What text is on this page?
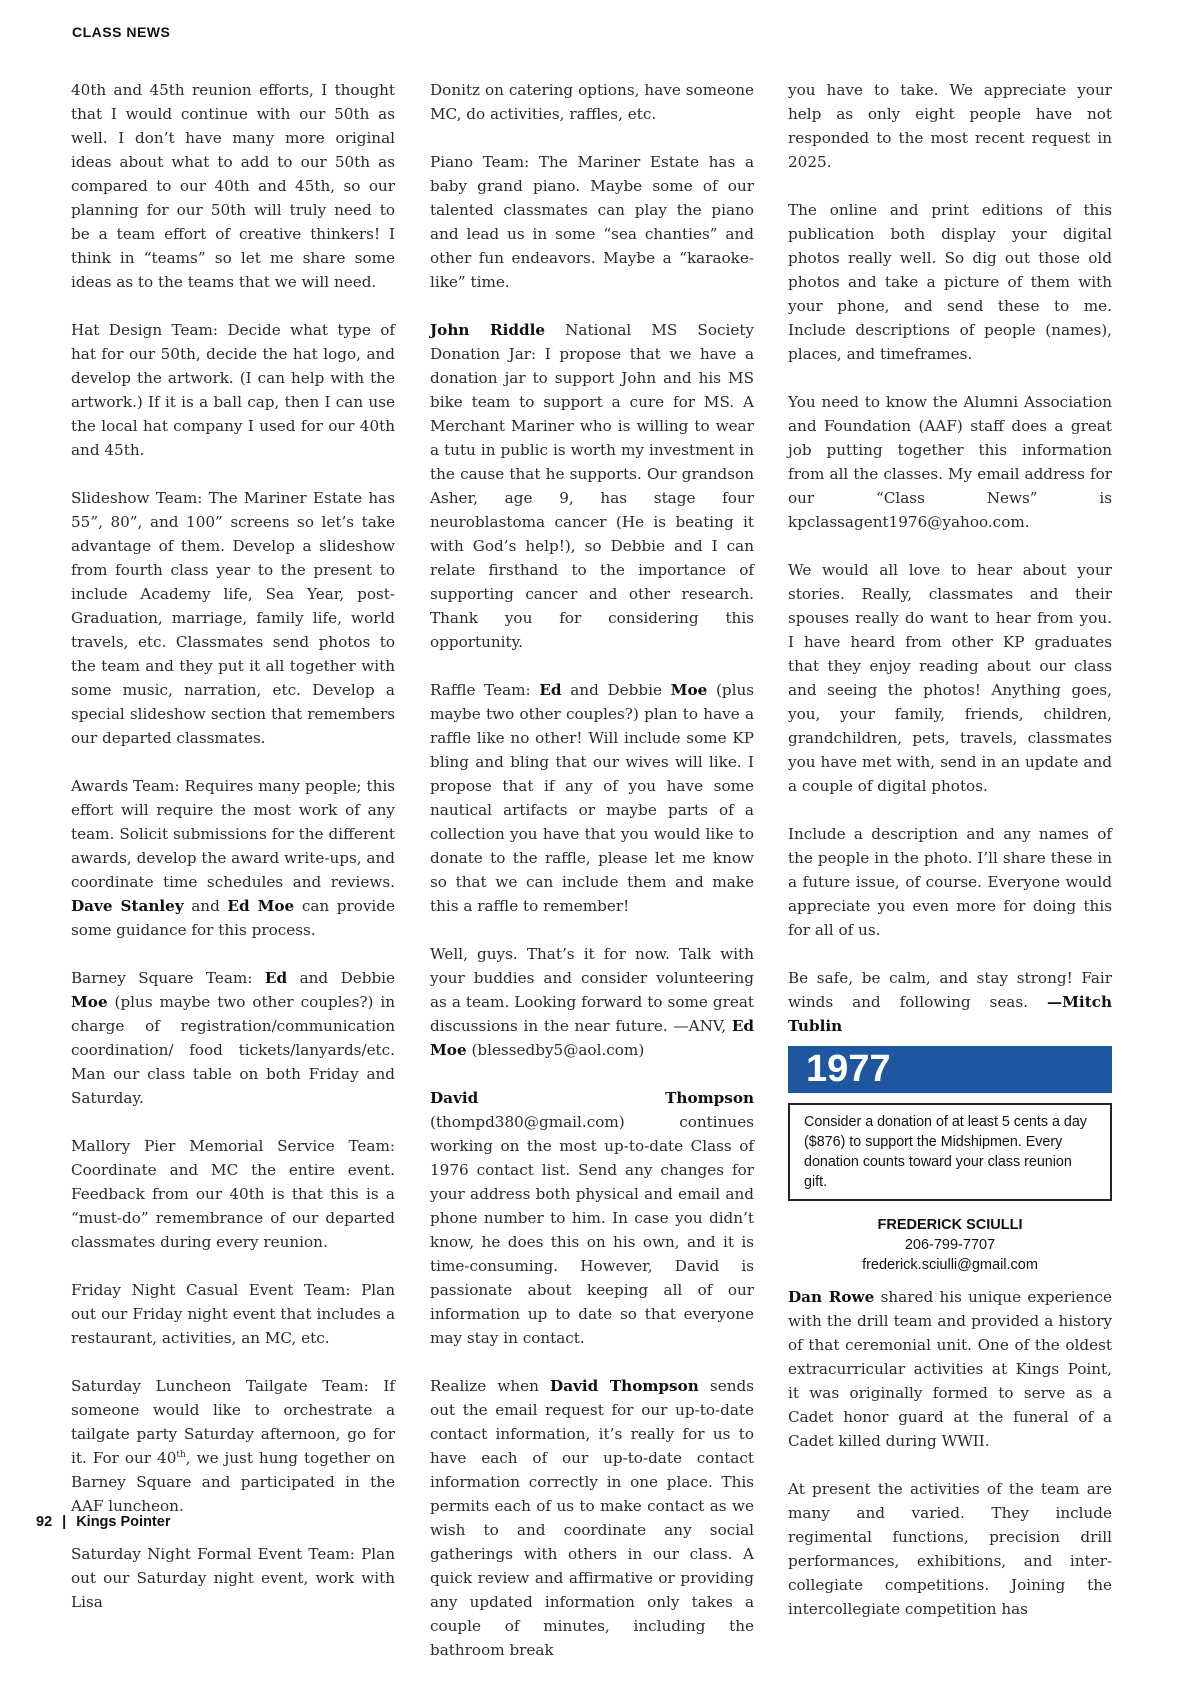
CLASS NEWS

40th and 45th reunion efforts, I thought that I would continue with our 50th as well. I don’t have many more original ideas about what to add to our 50th as compared to our 40th and 45th, so our planning for our 50th will truly need to be a team effort of creative thinkers! I think in “teams” so let me share some ideas as to the teams that we will need.

Hat Design Team: Decide what type of hat for our 50th, decide the hat logo, and develop the artwork. (I can help with the artwork.) If it is a ball cap, then I can use the local hat company I used for our 40th and 45th.

Slideshow Team: The Mariner Estate has 55”, 80”, and 100” screens so let’s take advantage of them. Develop a slideshow from fourth class year to the present to include Academy life, Sea Year, post-Graduation, marriage, family life, world travels, etc. Classmates send photos to the team and they put it all together with some music, narration, etc. Develop a special slideshow section that remembers our departed classmates.

Awards Team: Requires many people; this effort will require the most work of any team. Solicit submissions for the different awards, develop the award write-ups, and coordinate time schedules and reviews. Dave Stanley and Ed Moe can provide some guidance for this process.

Barney Square Team: Ed and Debbie Moe (plus maybe two other couples?) in charge of registration/communication coordination/ food tickets/lanyards/etc. Man our class table on both Friday and Saturday.

Mallory Pier Memorial Service Team: Coordinate and MC the entire event. Feedback from our 40th is that this is a “must-do” remembrance of our departed classmates during every reunion.

Friday Night Casual Event Team: Plan out our Friday night event that includes a restaurant, activities, an MC, etc.

Saturday Luncheon Tailgate Team: If someone would like to orchestrate a tailgate party Saturday afternoon, go for it. For our 40th, we just hung together on Barney Square and participated in the AAF luncheon.

Saturday Night Formal Event Team: Plan out our Saturday night event, work with Lisa

Donitz on catering options, have someone MC, do activities, raffles, etc.

Piano Team: The Mariner Estate has a baby grand piano. Maybe some of our talented classmates can play the piano and lead us in some “sea chanties” and other fun endeavors. Maybe a “karaoke-like” time.

John Riddle National MS Society Donation Jar: I propose that we have a donation jar to support John and his MS bike team to support a cure for MS. A Merchant Mariner who is willing to wear a tutu in public is worth my investment in the cause that he supports. Our grandson Asher, age 9, has stage four neuroblastoma cancer (He is beating it with God’s help!), so Debbie and I can relate firsthand to the importance of supporting cancer and other research. Thank you for considering this opportunity.

Raffle Team: Ed and Debbie Moe (plus maybe two other couples?) plan to have a raffle like no other! Will include some KP bling and bling that our wives will like. I propose that if any of you have some nautical artifacts or maybe parts of a collection you have that you would like to donate to the raffle, please let me know so that we can include them and make this a raffle to remember!

Well, guys. That’s it for now. Talk with your buddies and consider volunteering as a team. Looking forward to some great discussions in the near future. —ANV, Ed Moe (blessedby5@aol.com)

David Thompson (thompd380@gmail.com) continues working on the most up-to-date Class of 1976 contact list. Send any changes for your address both physical and email and phone number to him. In case you didn’t know, he does this on his own, and it is time-consuming. However, David is passionate about keeping all of our information up to date so that everyone may stay in contact.

Realize when David Thompson sends out the email request for our up-to-date contact information, it’s really for us to have each of our up-to-date contact information correctly in one place. This permits each of us to make contact as we wish to and coordinate any social gatherings with others in our class. A quick review and affirmative or providing any updated information only takes a couple of minutes, including the bathroom break

you have to take. We appreciate your help as only eight people have not responded to the most recent request in 2025.

The online and print editions of this publication both display your digital photos really well. So dig out those old photos and take a picture of them with your phone, and send these to me. Include descriptions of people (names), places, and timeframes.

You need to know the Alumni Association and Foundation (AAF) staff does a great job putting together this information from all the classes. My email address for our “Class News” is kpclassagent1976@yahoo.com.

We would all love to hear about your stories. Really, classmates and their spouses really do want to hear from you. I have heard from other KP graduates that they enjoy reading about our class and seeing the photos! Anything goes, you, your family, friends, children, grandchildren, pets, travels, classmates you have met with, send in an update and a couple of digital photos.

Include a description and any names of the people in the photo. I’ll share these in a future issue, of course. Everyone would appreciate you even more for doing this for all of us.

Be safe, be calm, and stay strong! Fair winds and following seas. —Mitch Tublin

1977
Consider a donation of at least 5 cents a day ($876) to support the Midshipmen. Every donation counts toward your class reunion gift.
FREDERICK SCIULLI
206-799-7707
frederick.sciulli@gmail.com

Dan Rowe shared his unique experience with the drill team and provided a history of that ceremonial unit. One of the oldest extracurricular activities at Kings Point, it was originally formed to serve as a Cadet honor guard at the funeral of a Cadet killed during WWII.

At present the activities of the team are many and varied. They include regimental functions, precision drill performances, exhibitions, and inter-collegiate competitions. Joining the intercollegiate competition has

92 | Kings Pointer
